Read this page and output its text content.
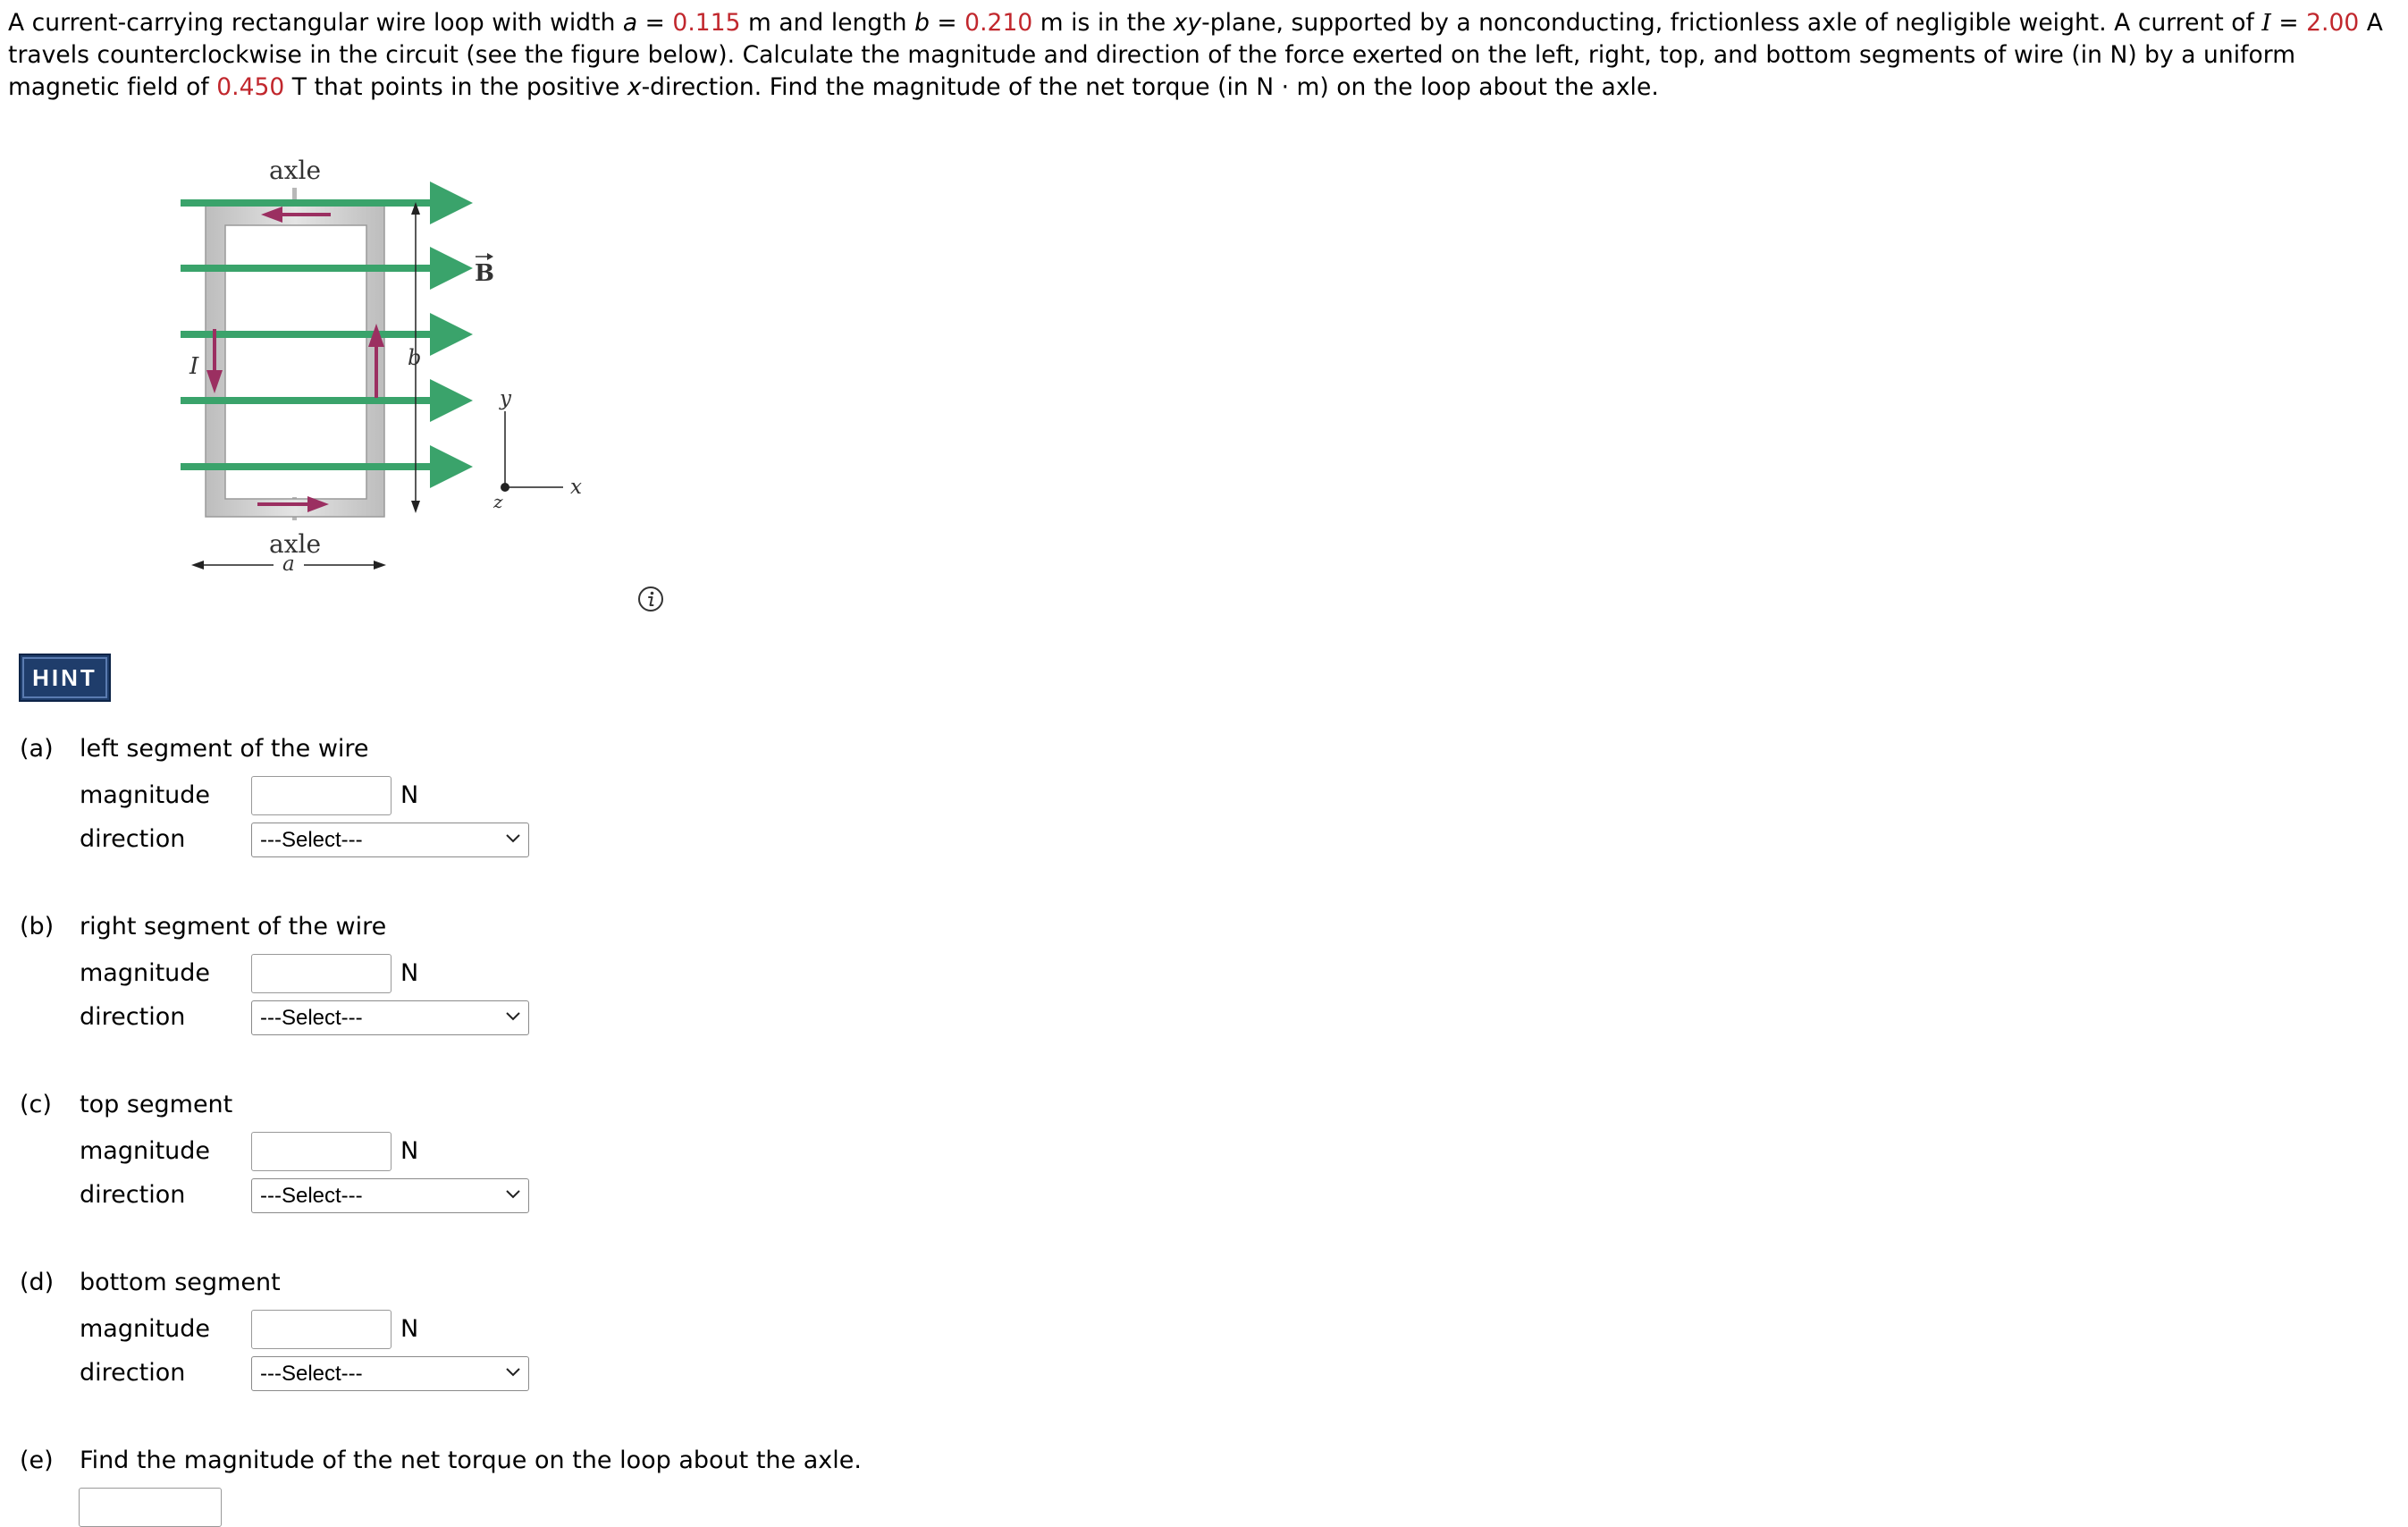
A current-carrying rectangular wire loop with width a = 0.115 m and length b = 0.210 m is in the xy-plane, supported by a nonconducting, frictionless axle of negligible weight. A current of I = 2.00 A travels counterclockwise in the circuit (see the figure below). Calculate the magnitude and direction of the force exerted on the left, right, top, and bottom segments of wire (in N) by a uniform magnetic field of 0.450 T that points in the positive x-direction. Find the magnitude of the net torque (in N · m) on the loop about the axle.
b
a
axle
axle
I
B
y
x
z
HINT
(a) left segment of the wire
magnitude	N
direction	---Select---
(b) right segment of the wire
magnitude	N
direction	---Select---
(c) top segment
magnitude	N
direction	---Select---
(d) bottom segment
magnitude	N
direction	---Select---
(e) Find the magnitude of the net torque on the loop about the axle.
